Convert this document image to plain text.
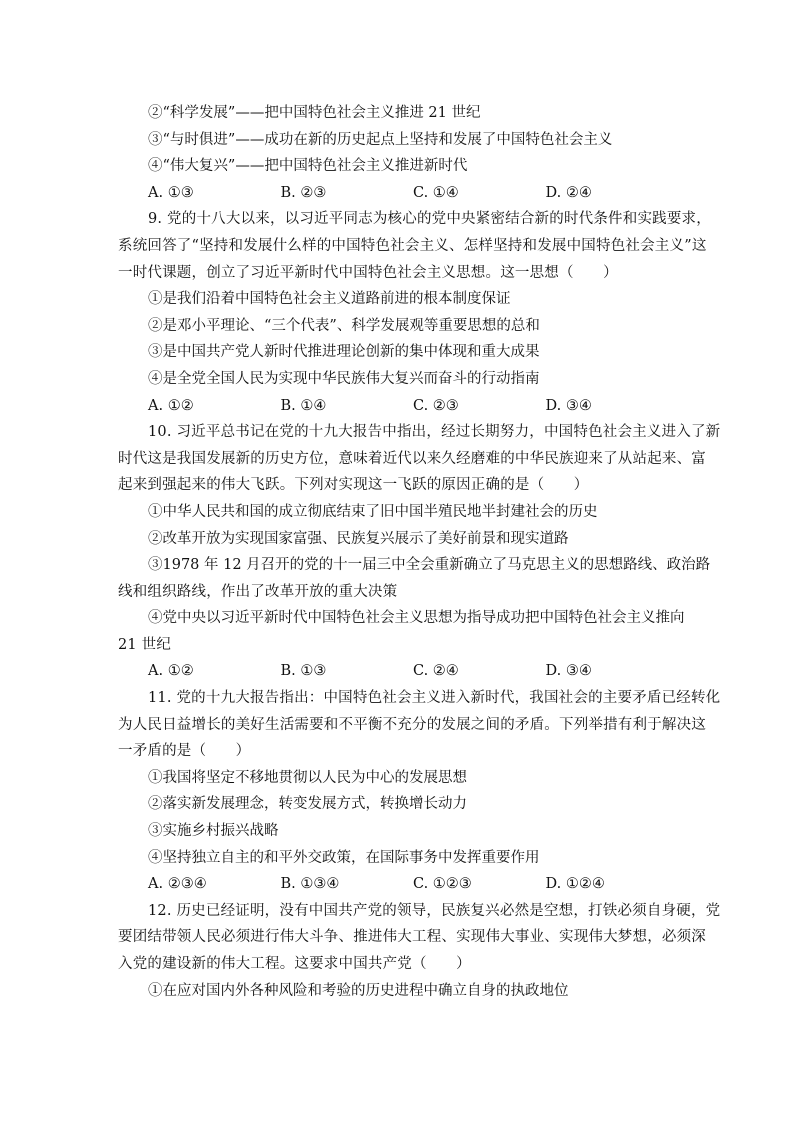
②“科学发展”——把中国特色社会主义推进 21 世纪
③“与时俱进”——成功在新的历史起点上坚持和发展了中国特色社会主义
④“伟大复兴”——把中国特色社会主义推进新时代
A. ①③	B. ②③	C. ①④	D. ②④
9. 党的十八大以来，以习近平同志为核心的党中央紧密结合新的时代条件和实践要求，
系统回答了“坚持和发展什么样的中国特色社会主义、怎样坚持和发展中国特色社会主义”这
一时代课题，创立了习近平新时代中国特色社会主义思想。这一思想（　　）
①是我们沿着中国特色社会主义道路前进的根本制度保证
②是邓小平理论、“三个代表”、科学发展观等重要思想的总和
③是中国共产党人新时代推进理论创新的集中体现和重大成果
④是全党全国人民为实现中华民族伟大复兴而奋斗的行动指南
A. ①②	B. ①④	C. ②③	D. ③④
10. 习近平总书记在党的十九大报告中指出，经过长期努力，中国特色社会主义进入了新
时代这是我国发展新的历史方位，意味着近代以来久经磨难的中华民族迎来了从站起来、富
起来到强起来的伟大飞跃。下列对实现这一飞跃的原因正确的是（　　）
①中华人民共和国的成立彻底结束了旧中国半殖民地半封建社会的历史
②改革开放为实现国家富强、民族复兴展示了美好前景和现实道路
③1978 年 12 月召开的党的十一届三中全会重新确立了马克思主义的思想路线、政治路
线和组织路线，作出了改革开放的重大决策
④党中央以习近平新时代中国特色社会主义思想为指导成功把中国特色社会主义推向
21 世纪
A. ①②	B. ①③	C. ②④	D. ③④
11. 党的十九大报告指出：中国特色社会主义进入新时代，我国社会的主要矛盾已经转化
为人民日益增长的美好生活需要和不平衡不充分的发展之间的矛盾。下列举措有利于解决这
一矛盾的是（　　）
①我国将坚定不移地贯彻以人民为中心的发展思想
②落实新发展理念，转变发展方式，转换增长动力
③实施乡村振兴战略
④坚持独立自主的和平外交政策，在国际事务中发挥重要作用
A. ②③④	B. ①③④	C. ①②③	D. ①②④
12. 历史已经证明，没有中国共产党的领导，民族复兴必然是空想，打铁必须自身硬，党
要团结带领人民必须进行伟大斗争、推进伟大工程、实现伟大事业、实现伟大梦想，必须深
入党的建设新的伟大工程。这要求中国共产党（　　）
①在应对国内外各种风险和考验的历史进程中确立自身的执政地位
